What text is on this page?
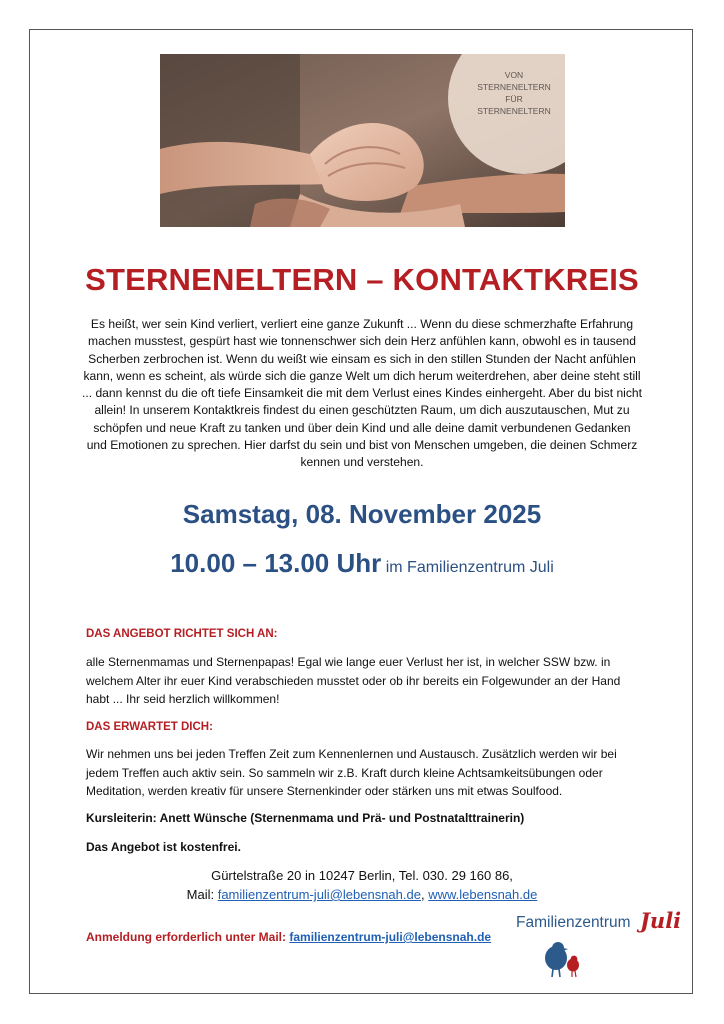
VON
STERNENELTERN
FÜR
STERNENELTERN
STERNENELTERN – KONTAKTKREIS
Es heißt, wer sein Kind verliert, verliert eine ganze Zukunft ... Wenn du diese schmerzhafte Erfahrung machen musstest, gespürt hast wie tonnenschwer sich dein Herz anfühlen kann, obwohl es in tausend Scherben zerbrochen ist. Wenn du weißt wie einsam es sich in den stillen Stunden der Nacht anfühlen kann, wenn es scheint, als würde sich die ganze Welt um dich herum weiterdrehen, aber deine steht still ... dann kennst du die oft tiefe Einsamkeit die mit dem Verlust eines Kindes einhergeht. Aber du bist nicht allein! In unserem Kontaktkreis findest du einen geschützten Raum, um dich auszutauschen, Mut zu schöpfen und neue Kraft zu tanken und über dein Kind und alle deine damit verbundenen Gedanken und Emotionen zu sprechen. Hier darfst du sein und bist von Menschen umgeben, die deinen Schmerz kennen und verstehen.
Samstag, 08. November 2025
10.00 – 13.00 Uhr im Familienzentrum Juli
DAS ANGEBOT RICHTET SICH AN:
alle Sternenmamas und Sternenpapas! Egal wie lange euer Verlust her ist, in welcher SSW bzw. in welchem Alter ihr euer Kind verabschieden musstet oder ob ihr bereits ein Folgewunder an der Hand habt ... Ihr seid herzlich willkommen!
DAS ERWARTET DICH:
Wir nehmen uns bei jeden Treffen Zeit zum Kennenlernen und Austausch. Zusätzlich werden wir bei jedem Treffen auch aktiv sein. So sammeln wir z.B. Kraft durch kleine Achtsamkeitsübungen oder Meditation, werden kreativ für unsere Sternenkinder oder stärken uns mit etwas Soulfood.
Kursleiterin: Anett Wünsche (Sternenmama und Prä- und Postnatalttrainerin)
Das Angebot ist kostenfrei.
Gürtelstraße 20 in 10247 Berlin, Tel. 030. 29 160 86,
Mail: familienzentrum-juli@lebensnah.de, www.lebensnah.de
Anmeldung erforderlich unter Mail: familienzentrum-juli@lebensnah.de
Familienzentrum Juli
